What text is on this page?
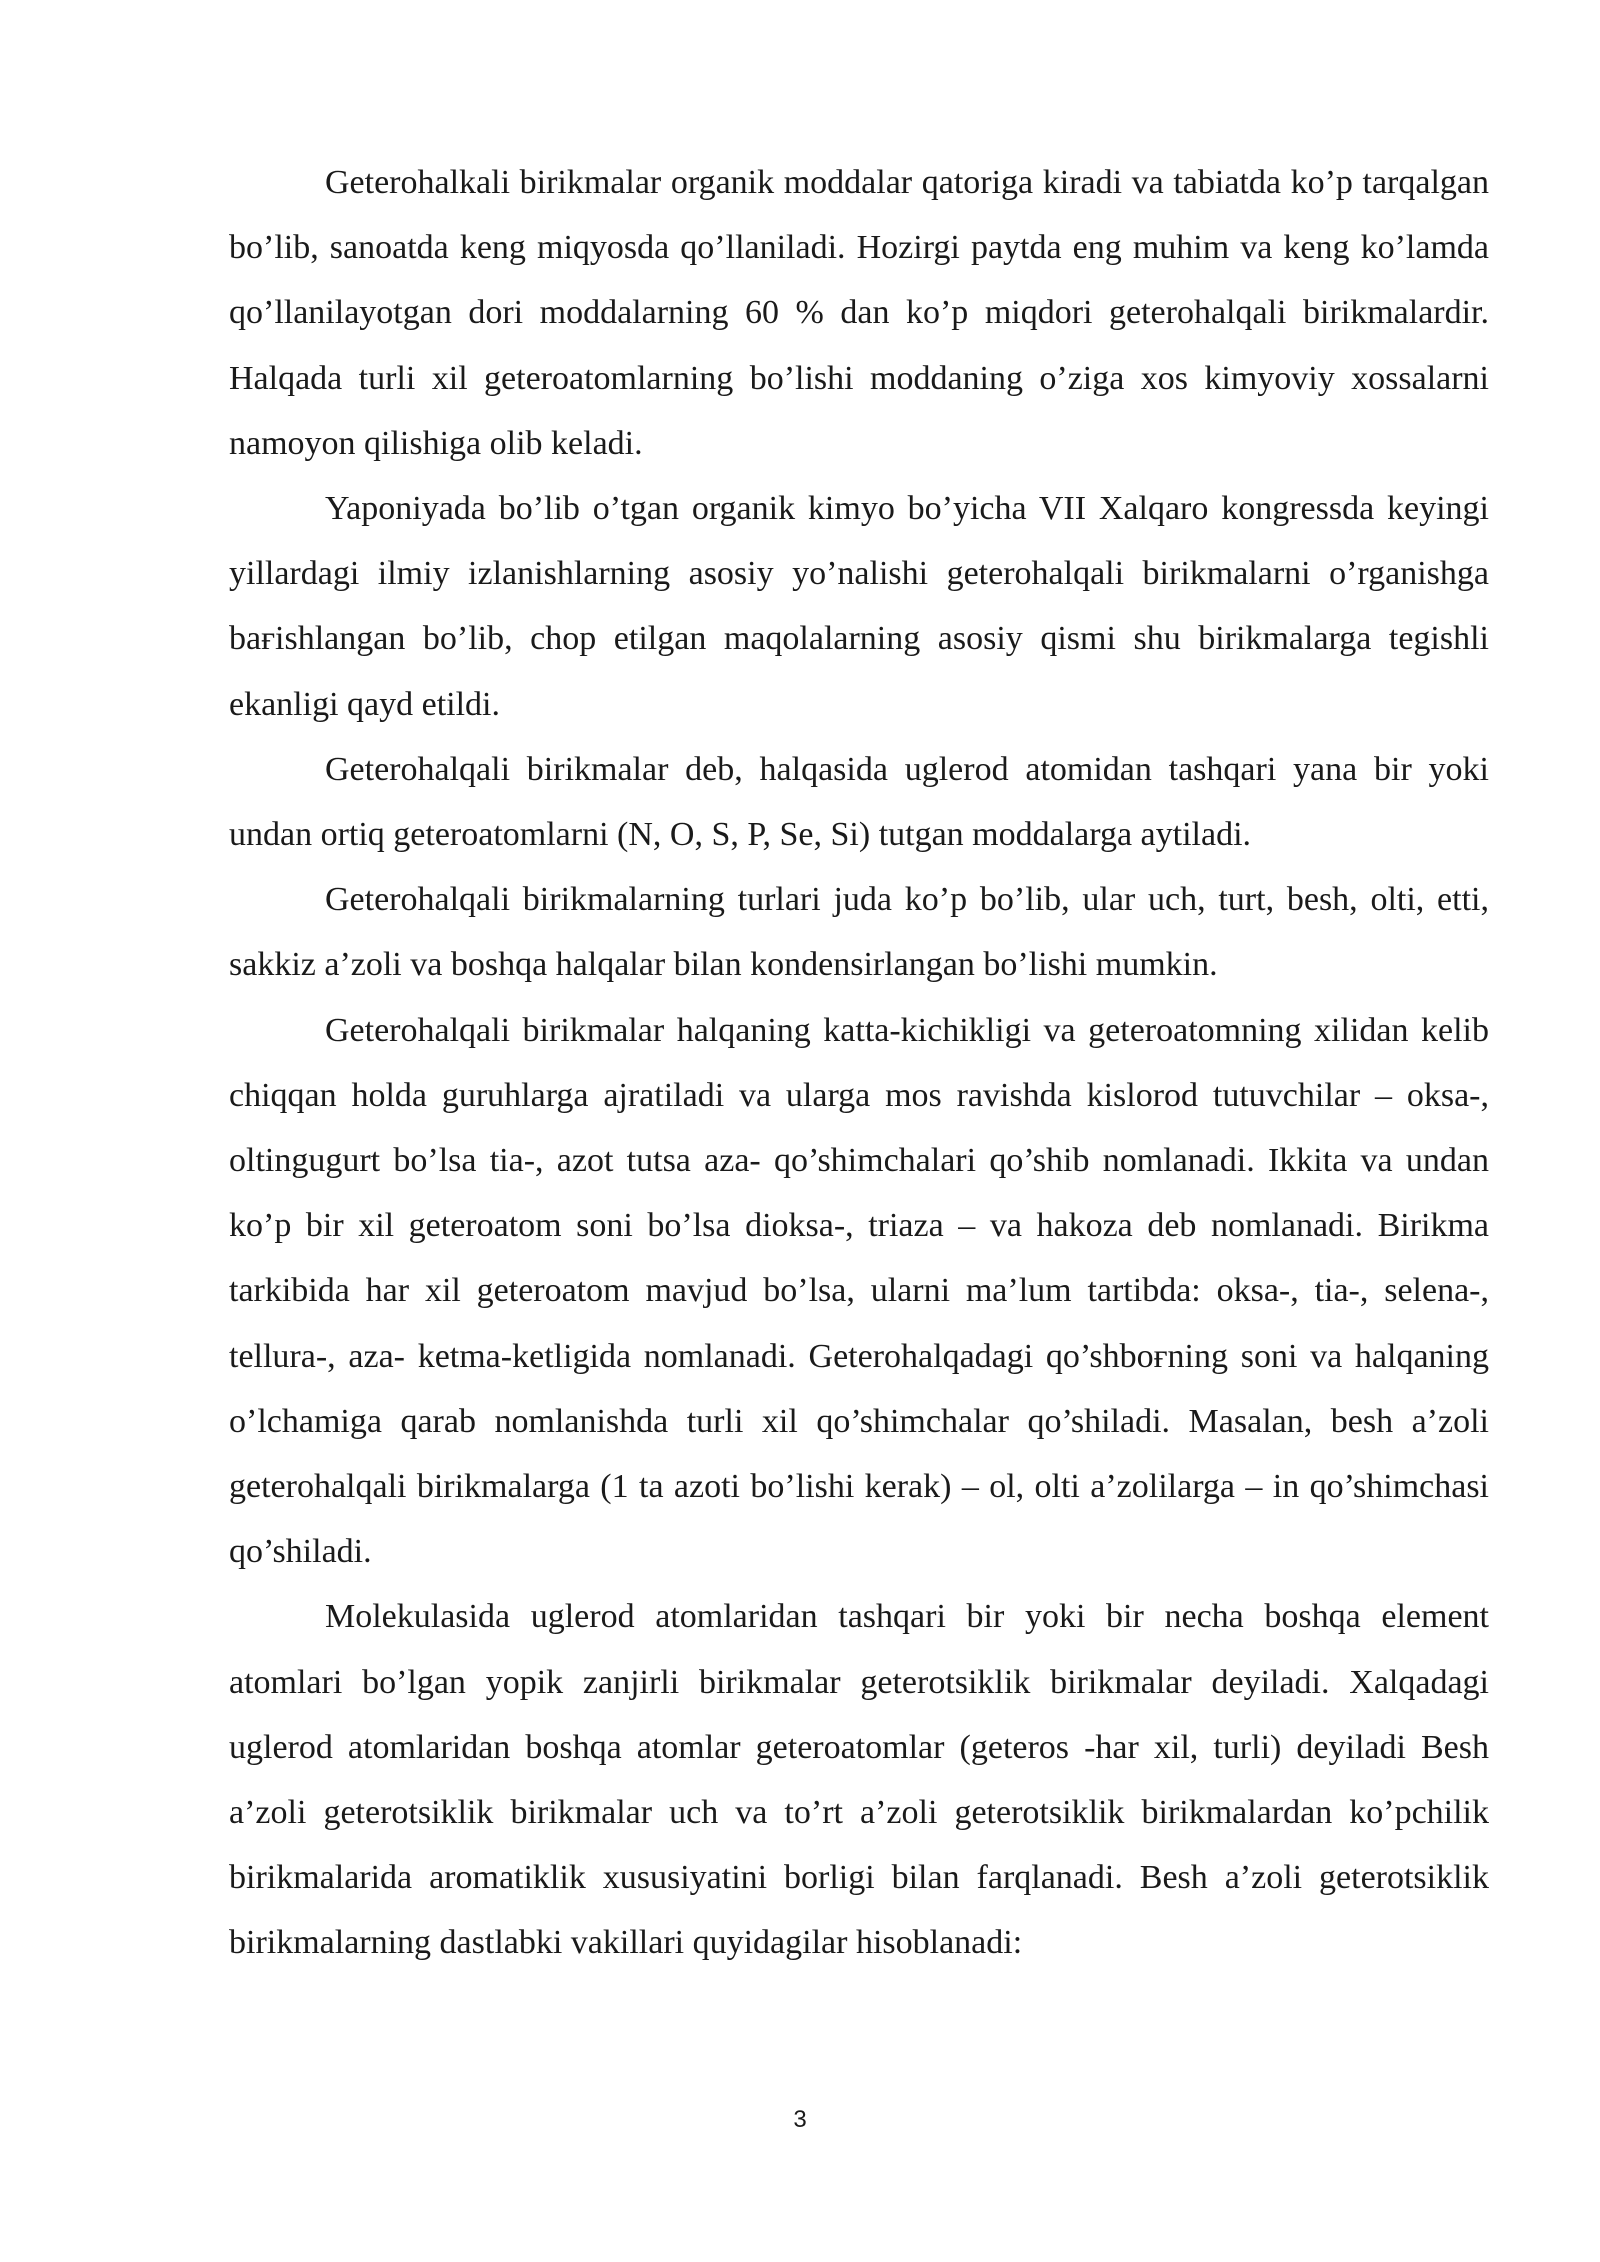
Geterohalkali birikmalar organik moddalar qatoriga kiradi va tabiatda ko’p tarqalgan bo’lib, sanoatda keng miqyosda qo’llaniladi. Hozirgi paytda eng muhim va keng ko’lamda qo’llanilayotgan dori moddalarning 60 % dan ko’p miqdori geterohalqali birikmalardir. Halqada turli xil geteroatomlarning bo’lishi moddaning o’ziga xos kimyoviy xossalarni namoyon qilishiga olib keladi.

Yaponiyada bo’lib o’tgan organik kimyo bo’yicha VII Xalqaro kongressda keyingi yillardagi ilmiy izlanishlarning asosiy yo’nalishi geterohalqali birikmalarni o’rganishga baғishlangan bo’lib, chop etilgan maqolalarning asosiy qismi shu birikmalarga tegishli ekanligi qayd etildi.

Geterohalqali birikmalar deb, halqasida uglerod atomidan tashqari yana bir yoki undan ortiq geteroatomlarni (N, O, S, P, Se, Si) tutgan moddalarga aytiladi.

Geterohalqali birikmalarning turlari juda ko’p bo’lib, ular uch, turt, besh, olti, etti, sakkiz a’zoli va boshqa halqalar bilan kondensirlangan bo’lishi mumkin.

Geterohalqali birikmalar halqaning katta-kichikligi va geteroatomning xilidan kelib chiqqan holda guruhlarga ajratiladi va ularga mos ravishda kislorod tutuvchilar – oksa-, oltingugurt bo’lsa tia-, azot tutsa aza- qo’shimchalari qo’shib nomlanadi. Ikkita va undan ko’p bir xil geteroatom soni bo’lsa dioksa-, triaza – va hakoza deb nomlanadi. Birikma tarkibida har xil geteroatom mavjud bo’lsa, ularni ma’lum tartibda: oksa-, tia-, selena-, tellura-, aza- ketma-ketligida nomlanadi. Geterohalqadagi qo’shboғning soni va halqaning o’lchamiga qarab nomlanishda turli xil qo’shimchalar qo’shiladi. Masalan, besh a’zoli geterohalqali birikmalarga (1 ta azoti bo’lishi kerak) – ol, olti a’zolilarga – in qo’shimchasi qo’shiladi.

Molekulasida uglerod atomlaridan tashqari bir yoki bir necha boshqa element atomlari bo’lgan yopik zanjirli birikmalar geterotsiklik birikmalar deyiladi. Xalqadagi uglerod atomlaridan boshqa atomlar geteroatomlar (geteros -har xil, turli) deyiladi Besh a’zoli geterotsiklik birikmalar uch va to’rt a’zoli geterotsiklik birikmalardan ko’pchilik birikmalarida aromatiklik xususiyatini borligi bilan farqlanadi. Besh a’zoli geterotsiklik birikmalarning dastlabki vakillari quyidagilar hisoblanadi:

3
